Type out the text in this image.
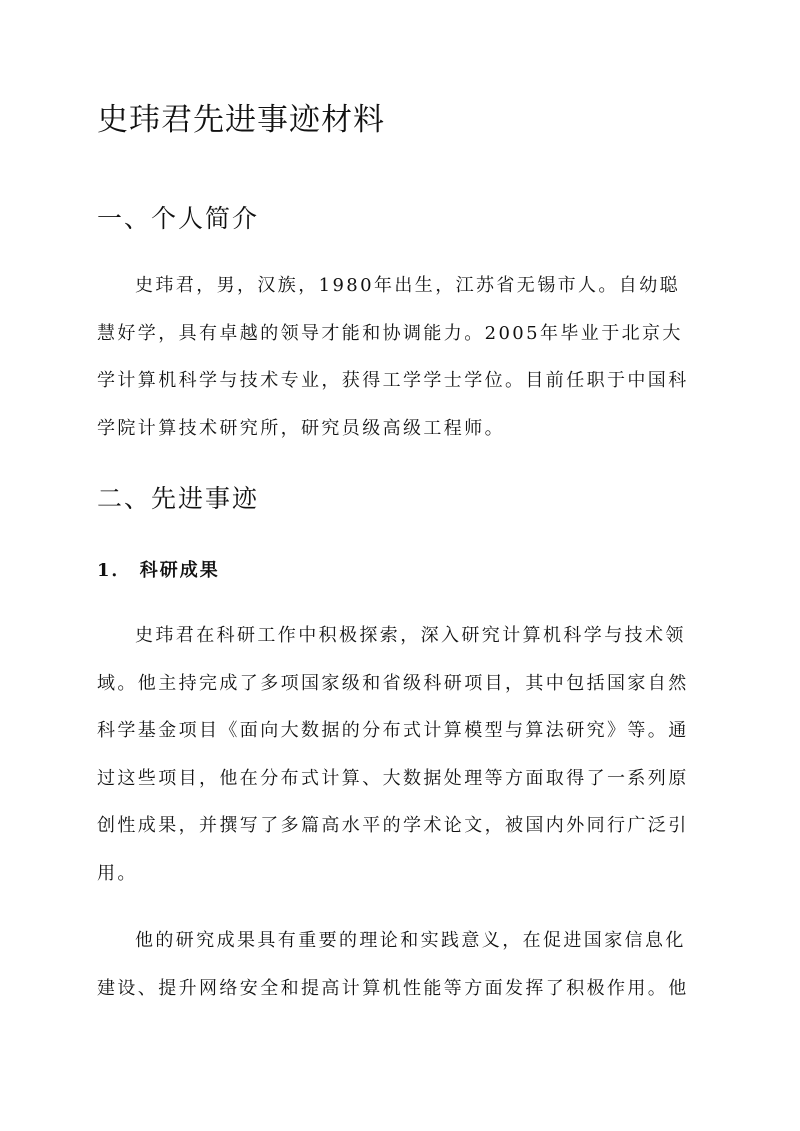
史玮君先进事迹材料
一、个人简介
史玮君，男，汉族，1980年出生，江苏省无锡市人。自幼聪
慧好学，具有卓越的领导才能和协调能力。2005年毕业于北京大
学计算机科学与技术专业，获得工学学士学位。目前任职于中国科
学院计算技术研究所，研究员级高级工程师。
二、先进事迹
1． 科研成果
史玮君在科研工作中积极探索，深入研究计算机科学与技术领
域。他主持完成了多项国家级和省级科研项目，其中包括国家自然
科学基金项目《面向大数据的分布式计算模型与算法研究》等。通
过这些项目，他在分布式计算、大数据处理等方面取得了一系列原
创性成果，并撰写了多篇高水平的学术论文，被国内外同行广泛引
用。
他的研究成果具有重要的理论和实践意义，在促进国家信息化
建设、提升网络安全和提高计算机性能等方面发挥了积极作用。他
